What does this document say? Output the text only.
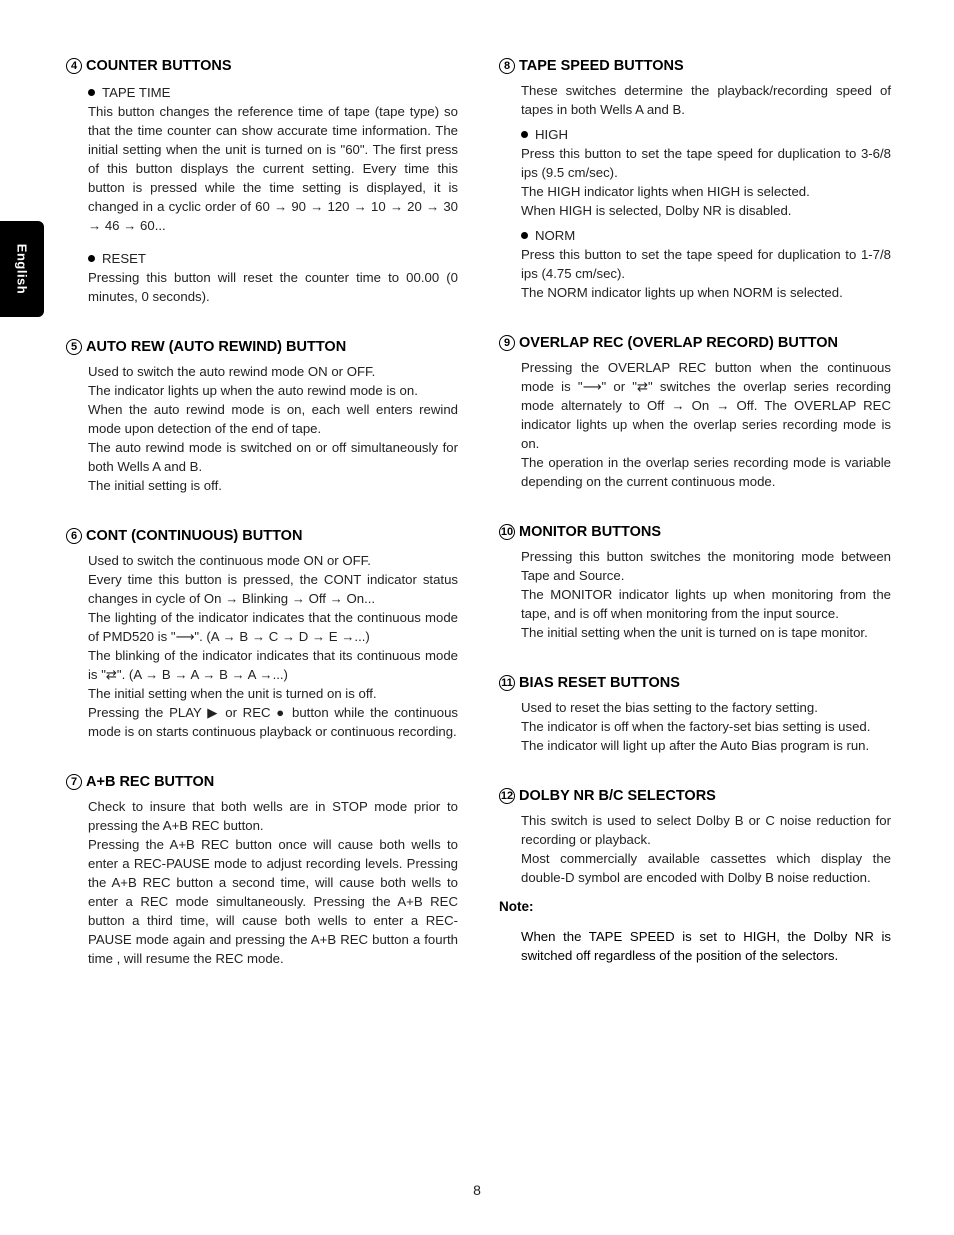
English
4 COUNTER BUTTONS
TAPE TIME

This button changes the reference time of tape (tape type) so that the time counter can show accurate time information. The initial setting when the unit is turned on is "60". The first press of this button displays the current setting. Every time this button is pressed while the time setting is displayed, it is changed in a cyclic order of 60 → 90 → 120 → 10 → 20 → 30 → 46 → 60...

RESET

Pressing this button will reset the counter time to 00.00 (0 minutes, 0 seconds).

5 AUTO REW (AUTO REWIND) BUTTON

Used to switch the auto rewind mode ON or OFF.

The indicator lights up when the auto rewind mode is on.

When the auto rewind mode is on, each well enters rewind mode upon detection of the end of tape.

The auto rewind mode is switched on or off simultaneously for both Wells A and B.

The initial setting is off.

6 CONT (CONTINUOUS) BUTTON

Used to switch the continuous mode ON or OFF.

Every time this button is pressed, the CONT indicator status changes in cycle of On → Blinking → Off → On...

The lighting of the indicator indicates that the continuous mode of PMD520 is "⟶". (A → B → C → D → E →...)

The blinking of the indicator indicates that its continuous mode is "⇄". (A → B → A → B → A →...)

The initial setting when the unit is turned on is off.

Pressing the PLAY ▶ or REC ● button while the continuous mode is on starts continuous playback or continuous recording.

7 A+B REC BUTTON

Check to insure that both wells are in STOP mode prior to pressing the A+B REC button.

Pressing the A+B REC button once will cause both wells to enter a REC-PAUSE mode to adjust recording levels. Pressing the A+B REC button a second time, will cause both wells to enter a REC mode simultaneously. Pressing the A+B REC button a third time, will cause both wells to enter a REC-PAUSE mode again and pressing the A+B REC button a fourth time , will resume the REC mode.

8 TAPE SPEED BUTTONS

These switches determine the playback/recording speed of tapes in both Wells A and B.

HIGH

Press this button to set the tape speed for duplication to 3-6/8 ips (9.5 cm/sec).

The HIGH indicator lights when HIGH is selected.

When HIGH is selected, Dolby NR is disabled.

NORM

Press this button to set the tape speed for duplication to 1-7/8 ips (4.75 cm/sec).

The NORM indicator lights up when NORM is selected.

9 OVERLAP REC (OVERLAP RECORD) BUTTON

Pressing the OVERLAP REC button when the continuous mode is "⟶" or "⇄" switches the overlap series recording mode alternately to Off → On → Off. The OVERLAP REC indicator lights up when the overlap series recording mode is on.

The operation in the overlap series recording mode is variable depending on the current continuous mode.

10 MONITOR BUTTONS

Pressing this button switches the monitoring mode between Tape and Source.

The MONITOR indicator lights up when monitoring from the tape, and is off when monitoring from the input source.

The initial setting when the unit is turned on is tape monitor.

11 BIAS RESET BUTTONS

Used to reset the bias setting to the factory setting.

The indicator is off when the factory-set bias setting is used.

The indicator will light up after the Auto Bias program is run.

12 DOLBY NR B/C SELECTORS

This switch is used to select Dolby B or C noise reduction for recording or playback.

Most commercially available cassettes which display the double-D symbol are encoded with Dolby B noise reduction.

Note:

When the TAPE SPEED is set to HIGH, the Dolby NR is switched off regardless of the position of the selectors.

8
